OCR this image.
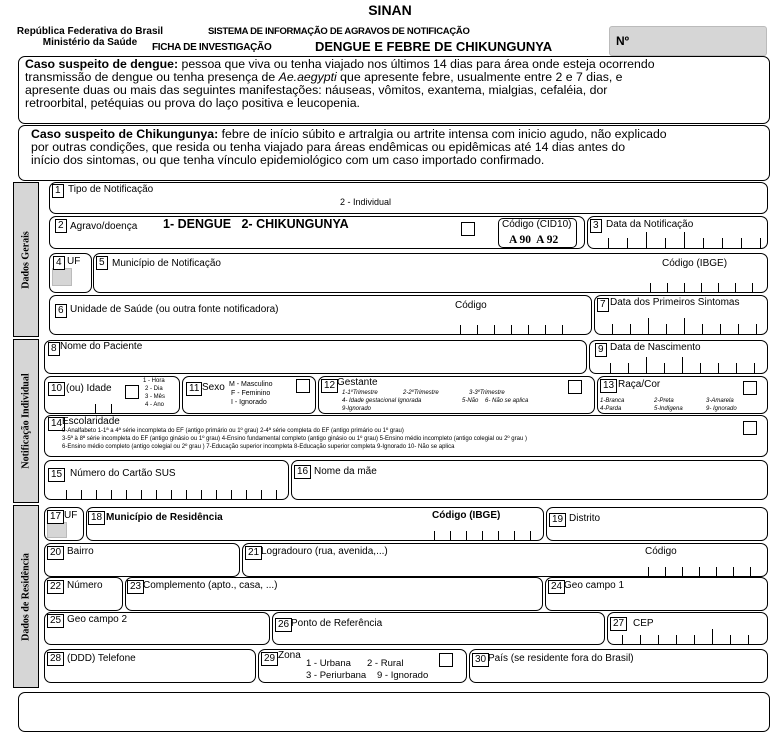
SINAN
República Federativa do Brasil
Ministério da Saúde
SISTEMA DE INFORMAÇÃO DE AGRAVOS DE NOTIFICAÇÃO
FICHA DE INVESTIGAÇÃO	DENGUE E FEBRE DE CHIKUNGUNYA	Nº
Caso suspeito de dengue: pessoa que viva ou tenha viajado nos últimos 14 dias para área onde esteja ocorrendo
transmissão de dengue ou tenha presença de Ae.aegypti que apresente febre, usualmente entre 2 e 7 dias, e
apresente duas ou mais das seguintes manifestações: náuseas, vômitos, exantema, mialgias, cefaléia, dor
retroorbital, petéquias ou prova do laço positiva e leucopenia.
Caso suspeito de Chikungunya: febre de início súbito e artralgia ou artrite intensa com inicio agudo, não explicado
por outras condições, que resida ou tenha viajado para áreas endêmicas ou epidêmicas até 14 dias antes do
início dos sintomas, ou que tenha vínculo epidemiológico com um caso importado confirmado.
Dados Gerais
Notificação Individual
Dados de Residência
1 Tipo de Notificação
2 - Individual
2 Agravo/doença 1- DENGUE   2- CHIKUNGUNYA	Código (CID10)
A 90  A 92
3 Data da Notificação
4 UF	5 Município de Notificação	Código (IBGE)
6 Unidade de Saúde (ou outra fonte notificadora)	Código	7 Data dos Primeiros Sintomas
8 Nome do Paciente	9 Data de Nascimento
10 (ou) Idade
1 - Hora
2 - Dia
3 - Mês
4 - Ano
11 Sexo M - Masculino
F - Feminino
I - Ignorado
12 Gestante
1-1ºTrimestre	2-2ºTrimestre	3-3ºTrimestre
4- Idade gestacional Ignorada	5-Não 6- Não se aplica
9-Ignorado
13 Raça/Cor
1-Branca	2-Preta	3-Amarela
4-Parda	5-Indígena	9- Ignorado
14 Escolaridade
0-Analfabeto 1-1ª a 4ª série incompleta do EF (antigo primário ou 1º grau) 2-4ª série completa do EF (antigo primário ou 1º grau)
3-5ª à 8ª série incompleta do EF (antigo ginásio ou 1º grau) 4-Ensino fundamental completo (antigo ginásio ou 1º grau) 5-Ensino médio incompleto (antigo colegial ou 2º grau )
6-Ensino médio completo (antigo colegial ou 2º grau ) 7-Educação superior incompleta 8-Educação superior completa 9-Ignorado 10- Não se aplica
15 Número do Cartão SUS	16 Nome da mãe
17 UF	18 Município de Residência	Código (IBGE)	19 Distrito
20 Bairro	21 Logradouro (rua, avenida,...)	Código
22 Número	23 Complemento (apto., casa, ...)	24 Geo campo 1
25 Geo campo 2	26 Ponto de Referência	27 CEP
28 (DDD) Telefone	29 Zona
1 - Urbana 2 - Rural
3 - Periurbana 9 - Ignorado
30 País (se residente fora do Brasil)
